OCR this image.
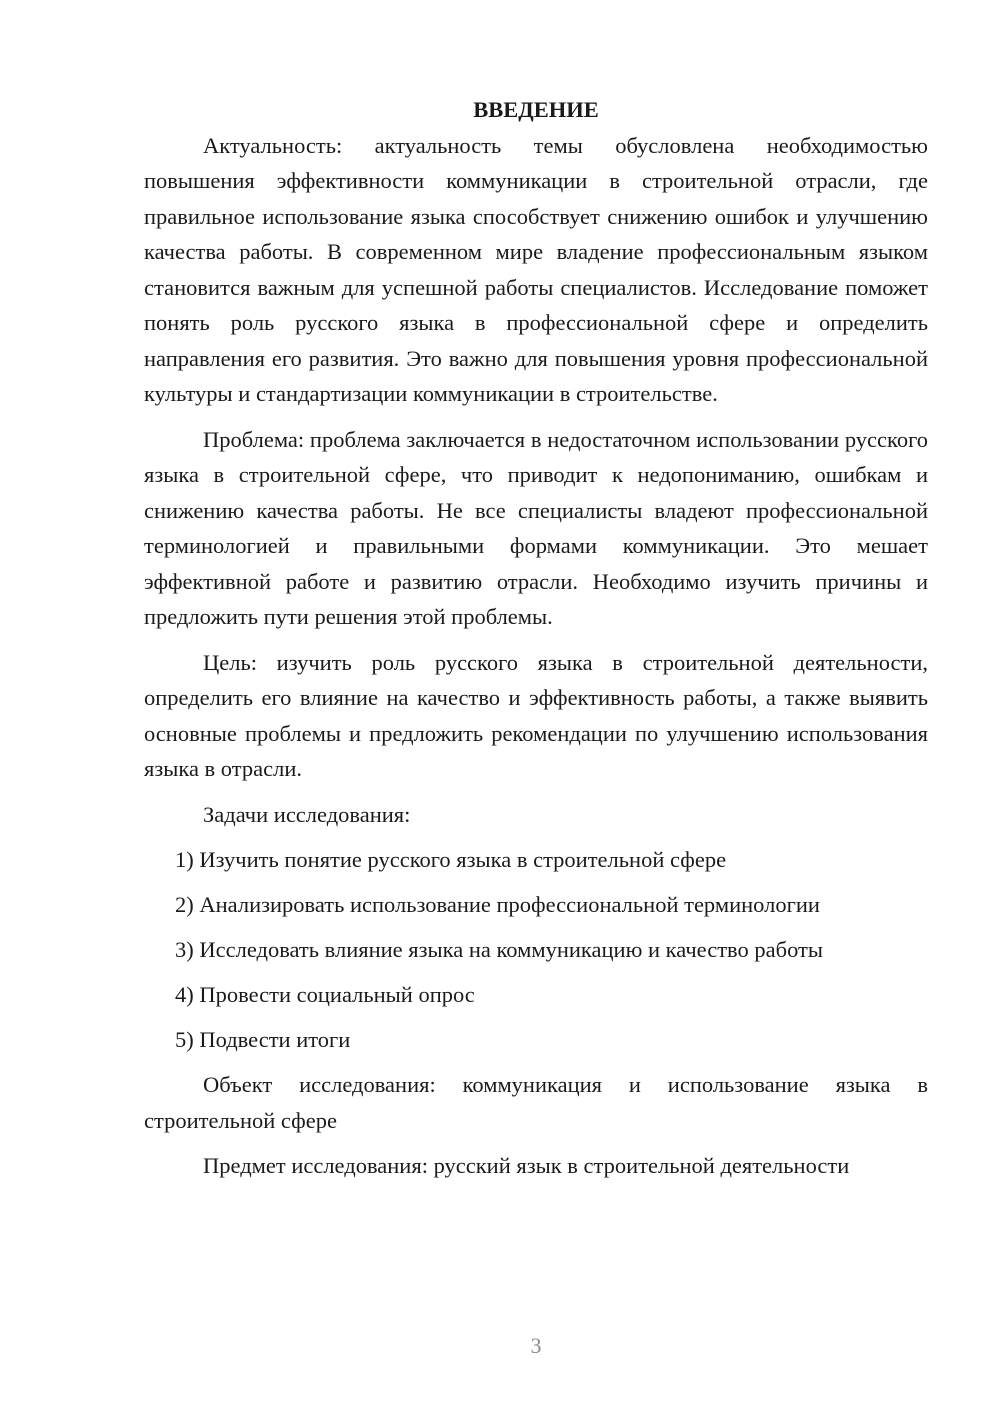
ВВЕДЕНИЕ

Актуальность: актуальность темы обусловлена необходимостью повышения эффективности коммуникации в строительной отрасли, где правильное использование языка способствует снижению ошибок и улучшению качества работы. В современном мире владение профессиональным языком становится важным для успешной работы специалистов. Исследование поможет понять роль русского языка в профессиональной сфере и определить направления его развития. Это важно для повышения уровня профессиональной культуры и стандартизации коммуникации в строительстве.

Проблема: проблема заключается в недостаточном использовании русского языка в строительной сфере, что приводит к недопониманию, ошибкам и снижению качества работы. Не все специалисты владеют профессиональной терминологией и правильными формами коммуникации. Это мешает эффективной работе и развитию отрасли. Необходимо изучить причины и предложить пути решения этой проблемы.

Цель: изучить роль русского языка в строительной деятельности, определить его влияние на качество и эффективность работы, а также выявить основные проблемы и предложить рекомендации по улучшению использования языка в отрасли.

Задачи исследования:

1) Изучить понятие русского языка в строительной сфере
2) Анализировать использование профессиональной терминологии
3) Исследовать влияние языка на коммуникацию и качество работы
4) Провести социальный опрос
5) Подвести итоги

Объект исследования: коммуникация и использование языка в строительной сфере

Предмет исследования: русский язык в строительной деятельности

3
